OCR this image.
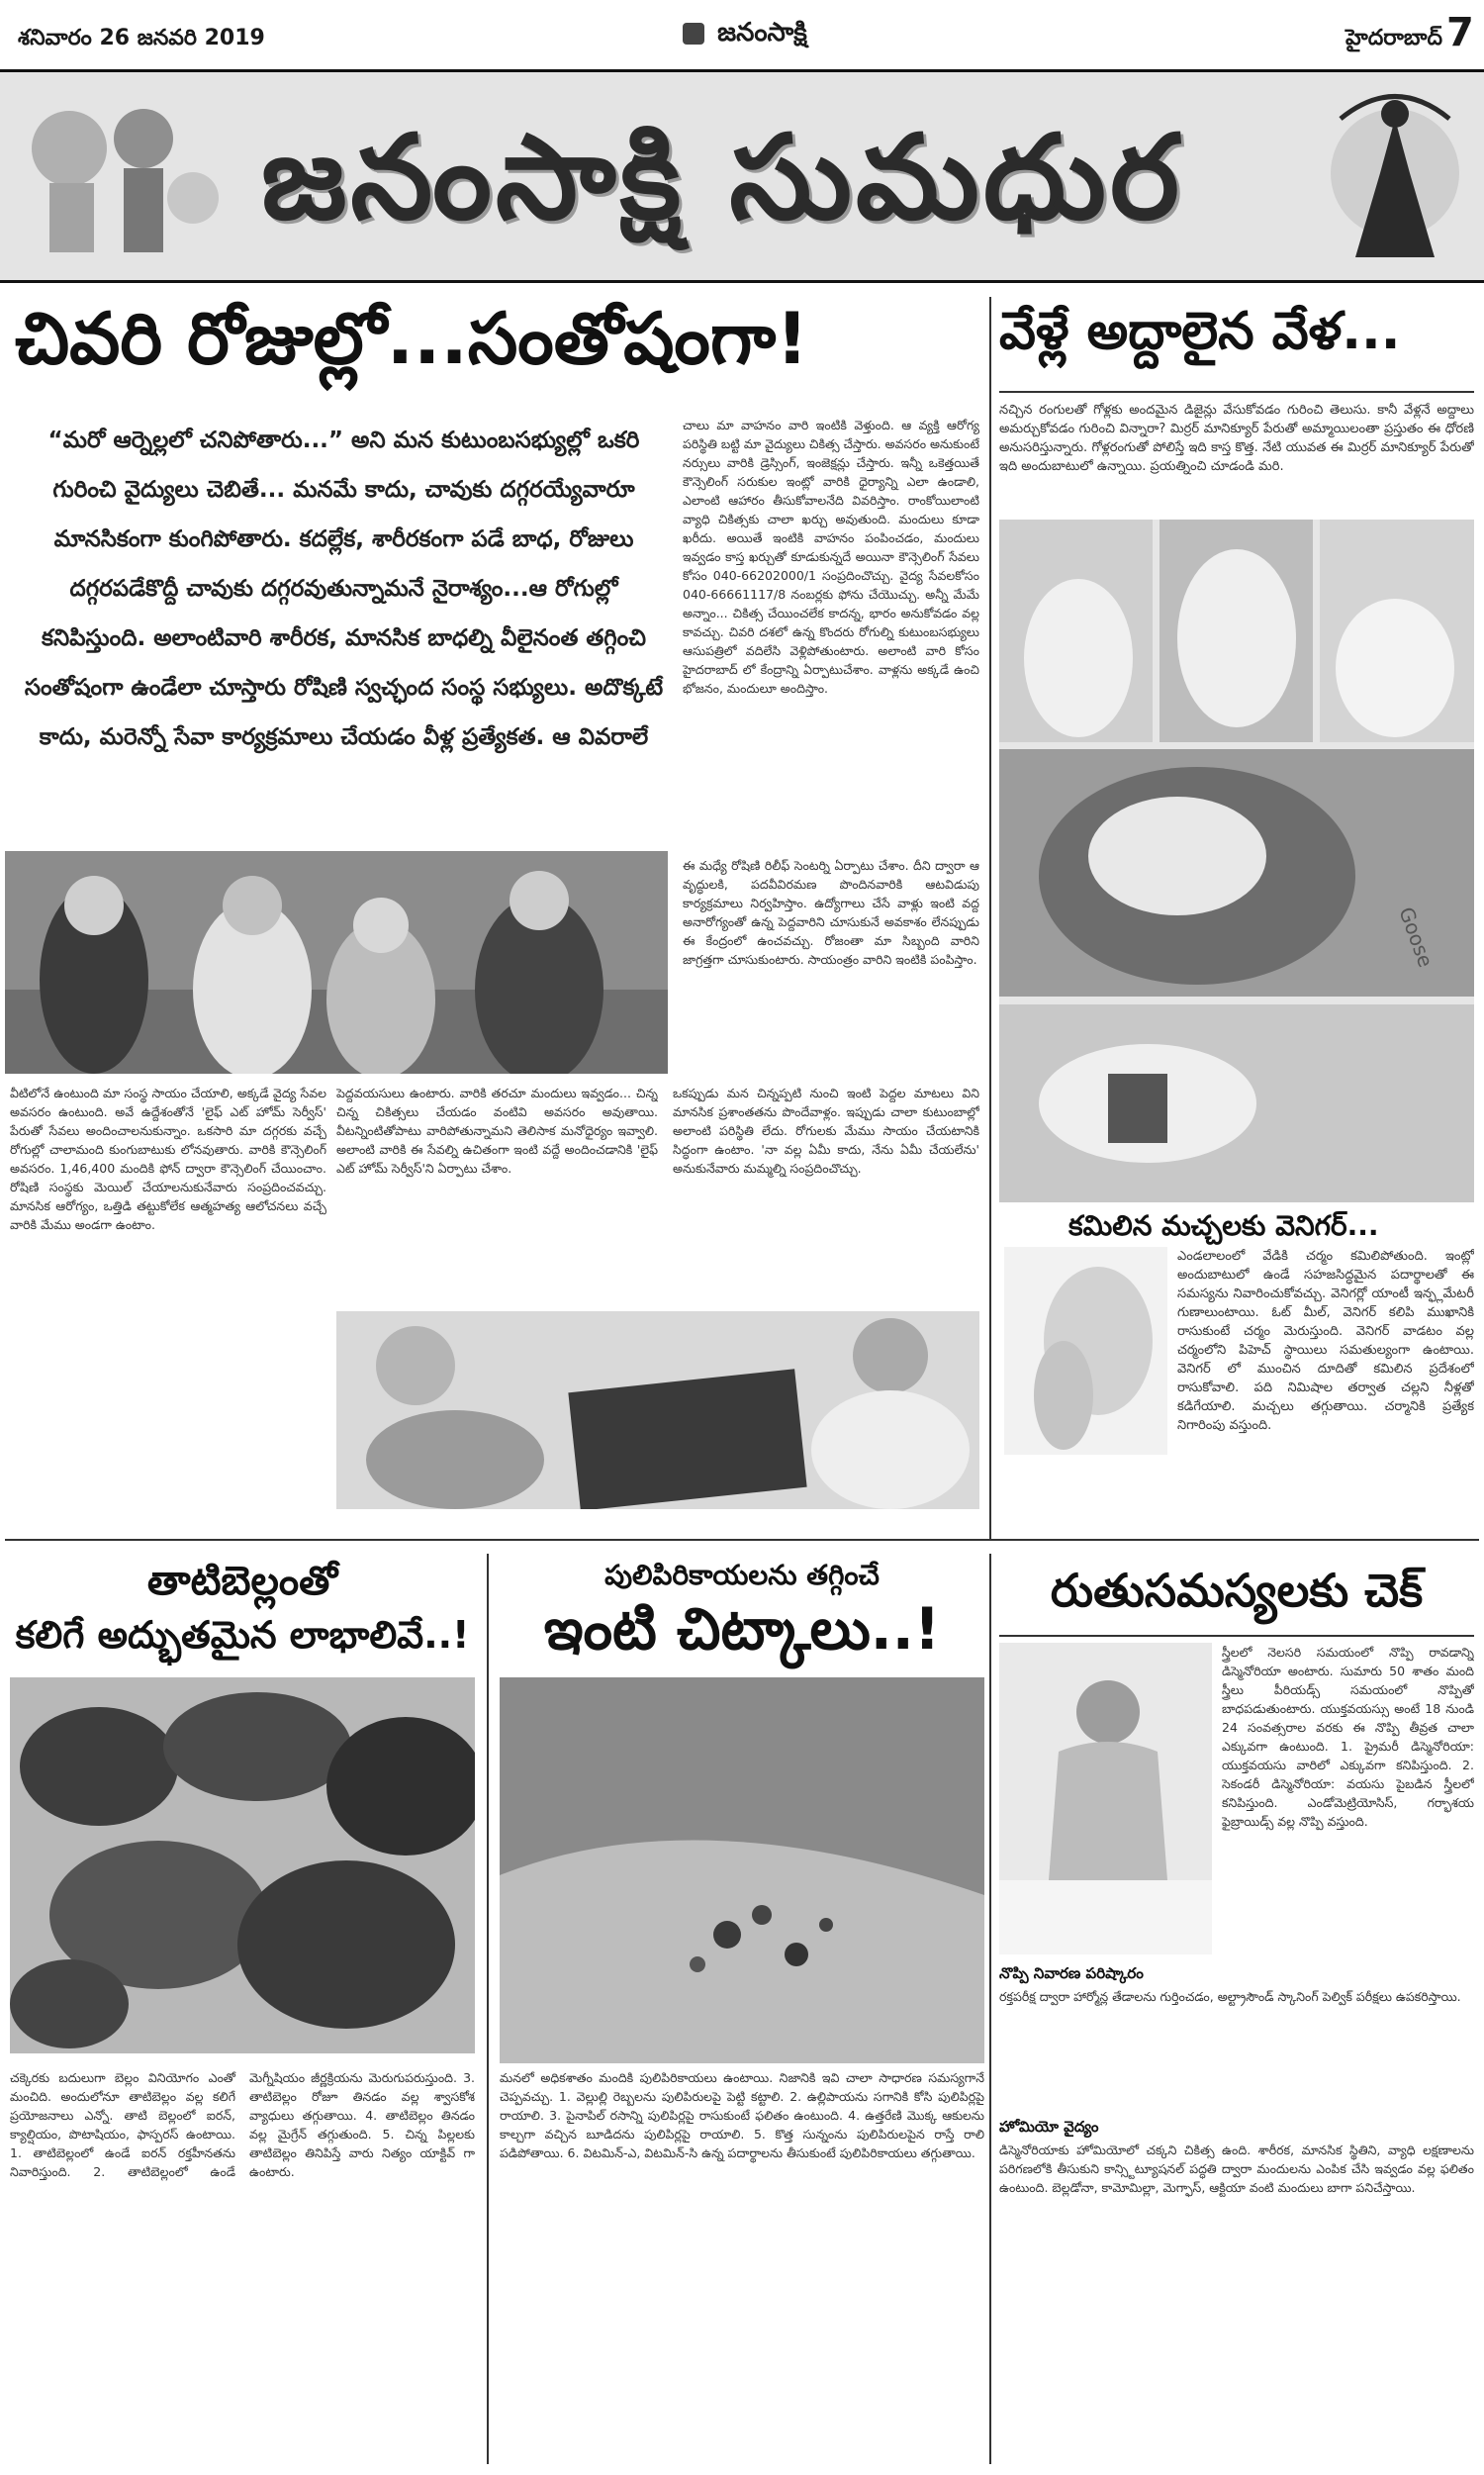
శనివారం 26 జనవరి 2019	జనంసాక్షి	హైదరాబాద్ 7
జనంసాక్షి సుమధుర
చివరి రోజుల్లో...సంతోషంగా!
“మరో ఆర్నెల్లలో చనిపోతారు...” అని మన కుటుంబసభ్యుల్లో ఒకరి గురించి వైద్యులు చెబితే... మనమే కాదు, చావుకు దగ్గరయ్యేవారూ మానసికంగా కుంగిపోతారు. కదల్లేక, శారీరకంగా పడే బాధ, రోజులు దగ్గరపడేకొద్దీ చావుకు దగ్గరవుతున్నామనే నైరాశ్యం...ఆ రోగుల్లో కనిపిస్తుంది. అలాంటివారి శారీరక, మానసిక బాధల్ని వీలైనంత తగ్గించి సంతోషంగా ఉండేలా చూస్తారు రోషిణి స్వచ్ఛంద సంస్థ సభ్యులు. అదొక్కటే కాదు, మరెన్నో సేవా కార్యక్రమాలు చేయడం వీళ్ల ప్రత్యేకత. ఆ వివరాలే
చాలు మా వాహనం వారి ఇంటికి వెళ్తుంది. ఆ వ్యక్తి ఆరోగ్య పరిస్థితి బట్టి మా వైద్యులు చికిత్స చేస్తారు. అవసరం అనుకుంటే నర్సులు వారికి డ్రెస్సింగ్, ఇంజెక్షన్లు చేస్తారు. ఇన్నీ ఒకెత్తయితే కౌన్సెలింగ్ సరుకుల ఇంట్లో వారికి ధైర్యాన్ని ఎలా ఉండాలి, ఎలాంటి ఆహారం తీసుకోవాలనేది వివరిస్తాం. రాంకోయిలాంటి వ్యాధి చికిత్సకు చాలా ఖర్చు అవుతుంది. మందులు కూడా ఖరీదు. అయితే ఇంటికి వాహనం పంపించడం, మందులు ఇవ్వడం కాస్త ఖర్చుతో కూడుకున్నదే అయినా కౌన్సెలింగ్ సేవలు కోసం 040-66202000/1 సంప్రదించొచ్చు. వైద్య సేవలకోసం 040-66661117/8 నంబర్లకు ఫోను చేయొచ్చు. అన్నీ మేమే అన్నాం... చికిత్స చేయించలేక కాదన్న, భారం అనుకోవడం వల్ల కావచ్చు. చివరి దశలో ఉన్న కొందరు రోగుల్ని కుటుంబసభ్యులు ఆసుపత్రిలో వదిలేసి వెళ్లిపోతుంటారు. అలాంటి వారి కోసం హైదరాబాద్ లో కేంద్రాన్ని ఏర్పాటుచేశాం. వాళ్లను అక్కడే ఉంచి భోజనం, మందులూ అందిస్తాం.
ఈ మధ్యే రోషిణి రిలీఫ్ సెంటర్ని ఏర్పాటు చేశాం. దీని ద్వారా ఆ వృద్ధులకి, పదవీవిరమణ పొందినవారికి ఆటవిడుపు కార్యక్రమాలు నిర్వహిస్తాం. ఉద్యోగాలు చేసే వాళ్లు ఇంటి వద్ద అనారోగ్యంతో ఉన్న పెద్దవారిని చూసుకునే అవకాశం లేనప్పుడు ఈ కేంద్రంలో ఉంచవచ్చు. రోజంతా మా సిబ్బంది వారిని జాగ్రత్తగా చూసుకుంటారు. సాయంత్రం వారిని ఇంటికి పంపిస్తాం.
వీటిలోనే ఉంటుంది మా సంస్థ సాయం చేయాలి, అక్కడే వైద్య సేవల అవసరం ఉంటుంది. అవే ఉద్దేశంతోనే 'లైఫ్ ఎట్ హోమ్ సెర్వీస్' పేరుతో సేవలు అందించాలనుకున్నాం. ఒకసారి మా దగ్గరకు వచ్చే రోగుల్లో చాలామంది కుంగుబాటుకు లోనవుతారు. వారికి కౌన్సెలింగ్ అవసరం. 1,46,400 మందికి ఫోన్ ద్వారా కౌన్సెలింగ్ చేయించాం. రోషిణి సంస్థకు మెయిల్ చేయాలనుకునేవారు సంప్రదించవచ్చు. మానసిక ఆరోగ్యం, ఒత్తిడి తట్టుకోలేక ఆత్మహత్య ఆలోచనలు వచ్చే వారికి మేము అండగా ఉంటాం.
పెద్దవయసులు ఉంటారు. వారికి తరచూ మందులు ఇవ్వడం... చిన్న చిన్న చికిత్సలు చేయడం వంటివి అవసరం అవుతాయి. వీటన్నింటితోపాటు వారిపోతున్నామని తెలిసాక మనోధైర్యం ఇవ్వాలి. అలాంటి వారికి ఈ సేవల్ని ఉచితంగా ఇంటి వద్దే అందించడానికి 'లైఫ్ ఎట్ హోమ్ సెర్వీస్'ని ఏర్పాటు చేశాం.
ఒకప్పుడు మన చిన్నప్పటి నుంచి ఇంటి పెద్దల మాటలు విని మానసిక ప్రశాంతతను పొందేవాళ్లం. ఇప్పుడు చాలా కుటుంబాల్లో అలాంటి పరిస్థితి లేదు. రోగులకు మేము సాయం చేయటానికి సిద్ధంగా ఉంటాం. 'నా వల్ల ఏమీ కాదు, నేను ఏమీ చేయలేను' అనుకునేవారు మమ్మల్ని సంప్రదించొచ్చు.
వేళ్లే అద్దాలైన వేళ...
నచ్చిన రంగులతో గోళ్లకు అందమైన డిజైన్లు వేసుకోవడం గురించి తెలుసు. కానీ వేళ్లనే అద్దాలు అమర్చుకోవడం గురించి విన్నారా? మిర్రర్ మానిక్యూర్ పేరుతో అమ్మాయిలంతా ప్రస్తుతం ఈ ధోరణి అనుసరిస్తున్నారు. గోళ్లరంగుతో పోలిస్తే ఇది కాస్త కొత్త. నేటి యువత ఈ మిర్రర్ మానిక్యూర్ పేరుతో ఇది అందుబాటులో ఉన్నాయి. ప్రయత్నించి చూడండి మరి.
Goose
కమిలిన మచ్చలకు వెనిగర్...
ఎండలాలంలో వేడికి చర్మం కమిలిపోతుంది. ఇంట్లో అందుబాటులో ఉండే సహజసిద్ధమైన పదార్థాలతో ఈ సమస్యను నివారించుకోవచ్చు. వెనిగర్లో యాంటీ ఇన్ఫ్లమేటరీ గుణాలుంటాయి. ఓట్ మీల్, వెనిగర్ కలిపి ముఖానికి రాసుకుంటే చర్మం మెరుస్తుంది. వెనిగర్ వాడటం వల్ల చర్మంలోని పిహెచ్ స్థాయిలు సమతుల్యంగా ఉంటాయి. వెనిగర్ లో ముంచిన దూదితో కమిలిన ప్రదేశంలో రాసుకోవాలి. పది నిమిషాల తర్వాత చల్లని నీళ్లతో కడిగేయాలి. మచ్చలు తగ్గుతాయి. చర్మానికి ప్రత్యేక నిగారింపు వస్తుంది.
తాటిబెల్లంతో
కలిగే అద్భుతమైన లాభాలివే..!
చక్కెరకు బదులుగా బెల్లం వినియోగం ఎంతో మంచిది. అందులోనూ తాటిబెల్లం వల్ల కలిగే ప్రయోజనాలు ఎన్నో. తాటి బెల్లంలో ఐరన్, క్యాల్షియం, పొటాషియం, ఫాస్పరస్ ఉంటాయి. 1. తాటిబెల్లంలో ఉండే ఐరన్ రక్తహీనతను నివారిస్తుంది. 2. తాటిబెల్లంలో ఉండే మెగ్నీషియం జీర్ణక్రియను మెరుగుపరుస్తుంది. 3. తాటిబెల్లం రోజూ తినడం వల్ల శ్వాసకోశ వ్యాధులు తగ్గుతాయి. 4. తాటిబెల్లం తినడం వల్ల మైగ్రేన్ తగ్గుతుంది. 5. చిన్న పిల్లలకు తాటిబెల్లం తినిపిస్తే వారు నిత్యం యాక్టివ్ గా ఉంటారు.
పులిపిరికాయలను తగ్గించే
ఇంటి చిట్కాలు..!
మనలో అధికశాతం మందికి పులిపిరికాయలు ఉంటాయి. నిజానికి ఇవి చాలా సాధారణ సమస్యగానే చెప్పవచ్చు. 1. వెల్లుల్లి రెబ్బలను పులిపిరులపై పెట్టి కట్టాలి. 2. ఉల్లిపాయను సగానికి కోసి పులిపిర్లపై రాయాలి. 3. పైనాపిల్ రసాన్ని పులిపిర్లపై రాసుకుంటే ఫలితం ఉంటుంది. 4. ఉత్తరేణి మొక్క ఆకులను కాల్చగా వచ్చిన బూడిదను పులిపిర్లపై రాయాలి. 5. కొత్త సున్నంను పులిపిరులపైన రాస్తే రాలి పడిపోతాయి. 6. విటమిన్-ఎ, విటమిన్-సి ఉన్న పదార్థాలను తీసుకుంటే పులిపిరికాయలు తగ్గుతాయి.
రుతుసమస్యలకు చెక్
స్త్రీలలో నెలసరి సమయంలో నొప్పి రావడాన్ని డిస్మెనోరియా అంటారు. సుమారు 50 శాతం మంది స్త్రీలు పీరియడ్స్ సమయంలో నొప్పితో బాధపడుతుంటారు. యుక్తవయస్సు అంటే 18 నుండి 24 సంవత్సరాల వరకు ఈ నొప్పి తీవ్రత చాలా ఎక్కువగా ఉంటుంది. 1. ప్రైమరీ డిస్మెనోరియా: యుక్తవయసు వారిలో ఎక్కువగా కనిపిస్తుంది. 2. సెకండరీ డిస్మెనోరియా: వయసు పైబడిన స్త్రీలలో కనిపిస్తుంది. ఎండోమెట్రియోసిస్, గర్భాశయ ఫైబ్రాయిడ్స్ వల్ల నొప్పి వస్తుంది.
నొప్పి నివారణ పరిష్కారం
రక్తపరీక్ష ద్వారా హార్మోన్ల తేడాలను గుర్తించడం, అల్ట్రాసౌండ్ స్కానింగ్ పెల్విక్ పరీక్షలు ఉపకరిస్తాయి.
హోమియో వైద్యం
డిస్మెనోరియాకు హోమియోలో చక్కని చికిత్స ఉంది. శారీరక, మానసిక స్థితిని, వ్యాధి లక్షణాలను పరిగణలోకి తీసుకుని కాన్స్టిట్యూషనల్ పద్ధతి ద్వారా మందులను ఎంపిక చేసి ఇవ్వడం వల్ల ఫలితం ఉంటుంది. బెల్లడోనా, కామోమిల్లా, మెగ్ఫాస్, ఆక్టియా వంటి మందులు బాగా పనిచేస్తాయి.
